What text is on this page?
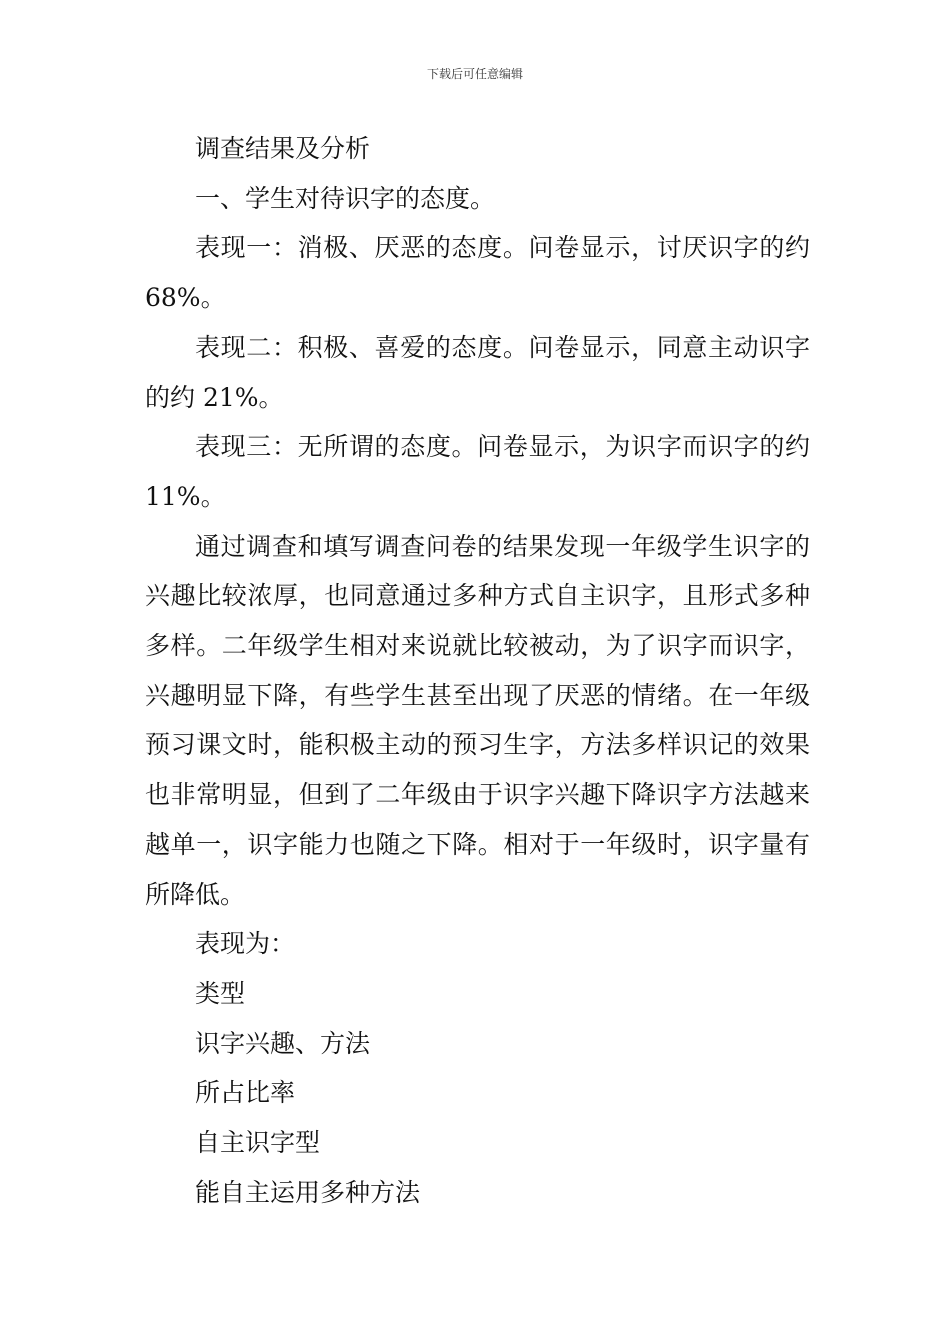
下载后可任意编辑

调查结果及分析

一、学生对待识字的态度。

表现一：消极、厌恶的态度。问卷显示，讨厌识字的约 68%。

表现二：积极、喜爱的态度。问卷显示，同意主动识字的约 21%。

表现三：无所谓的态度。问卷显示，为识字而识字的约 11%。

通过调查和填写调查问卷的结果发现一年级学生识字的兴趣比较浓厚，也同意通过多种方式自主识字，且形式多种多样。二年级学生相对来说就比较被动，为了识字而识字，兴趣明显下降，有些学生甚至出现了厌恶的情绪。在一年级预习课文时，能积极主动的预习生字，方法多样识记的效果也非常明显，但到了二年级由于识字兴趣下降识字方法越来越单一，识字能力也随之下降。相对于一年级时，识字量有所降低。

表现为：

类型

识字兴趣、方法

所占比率

自主识字型

能自主运用多种方法
